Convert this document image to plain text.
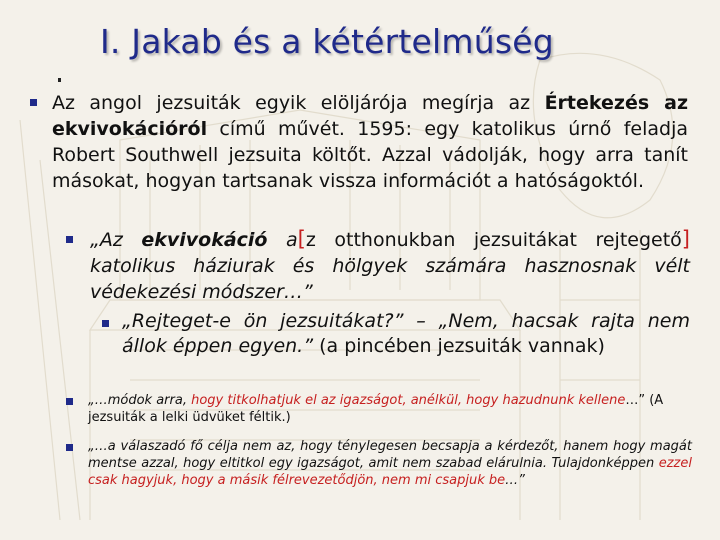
I. Jakab és a kétértelműség

Az angol jezsuiták egyik elöljárója megírja az Értekezés az ekvivokációról című művét. 1595: egy katolikus úrnő feladja Robert Southwell jezsuita költőt. Azzal vádolják, hogy arra tanít másokat, hogyan tartsanak vissza információt a hatóságoktól.

„Az ekvivokáció a[z otthonukban jezsuitákat rejtegető] katolikus háziurak és hölgyek számára hasznosnak vélt védekezési módszer…”

„Rejteget-e ön jezsuitákat?” – „Nem, hacsak rajta nem állok éppen egyen.” (a pincében jezsuiták vannak)

„…módok arra, hogy titkolhatjuk el az igazságot, anélkül, hogy hazudnunk kellene…” (A jezsuiták a lelki üdvüket féltik.)

„…a válaszadó fő célja nem az, hogy ténylegesen becsapja a kérdezőt, hanem hogy magát mentse azzal, hogy eltitkol egy igazságot, amit nem szabad elárulnia. Tulajdonképpen ezzel csak hagyjuk, hogy a másik félrevezetődjön, nem mi csapjuk be…”
